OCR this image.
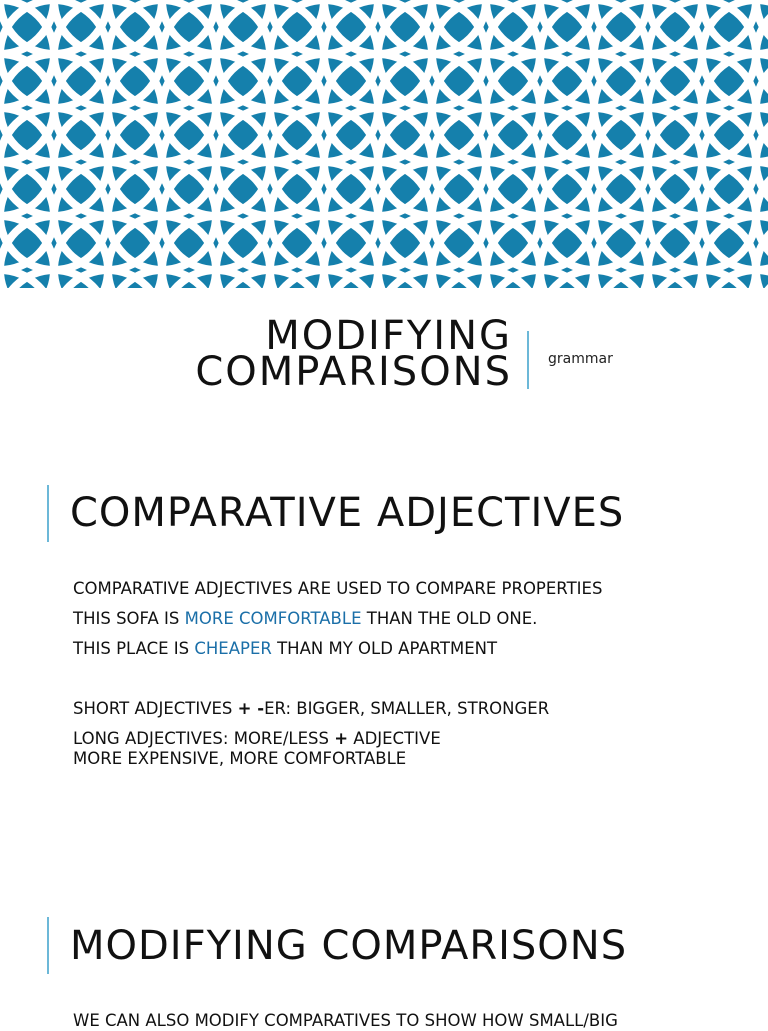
MODIFYING
COMPARISONS	grammar
COMPARATIVE ADJECTIVES
COMPARATIVE ADJECTIVES ARE USED TO COMPARE PROPERTIES
THIS SOFA IS MORE COMFORTABLE THAN THE OLD ONE.
THIS PLACE IS CHEAPER THAN MY OLD APARTMENT
SHORT ADJECTIVES + -ER: BIGGER, SMALLER, STRONGER
LONG ADJECTIVES: MORE/LESS + ADJECTIVE
MORE EXPENSIVE, MORE COMFORTABLE
MODIFYING COMPARISONS
WE CAN ALSO MODIFY COMPARATIVES TO SHOW HOW SMALL/BIG
